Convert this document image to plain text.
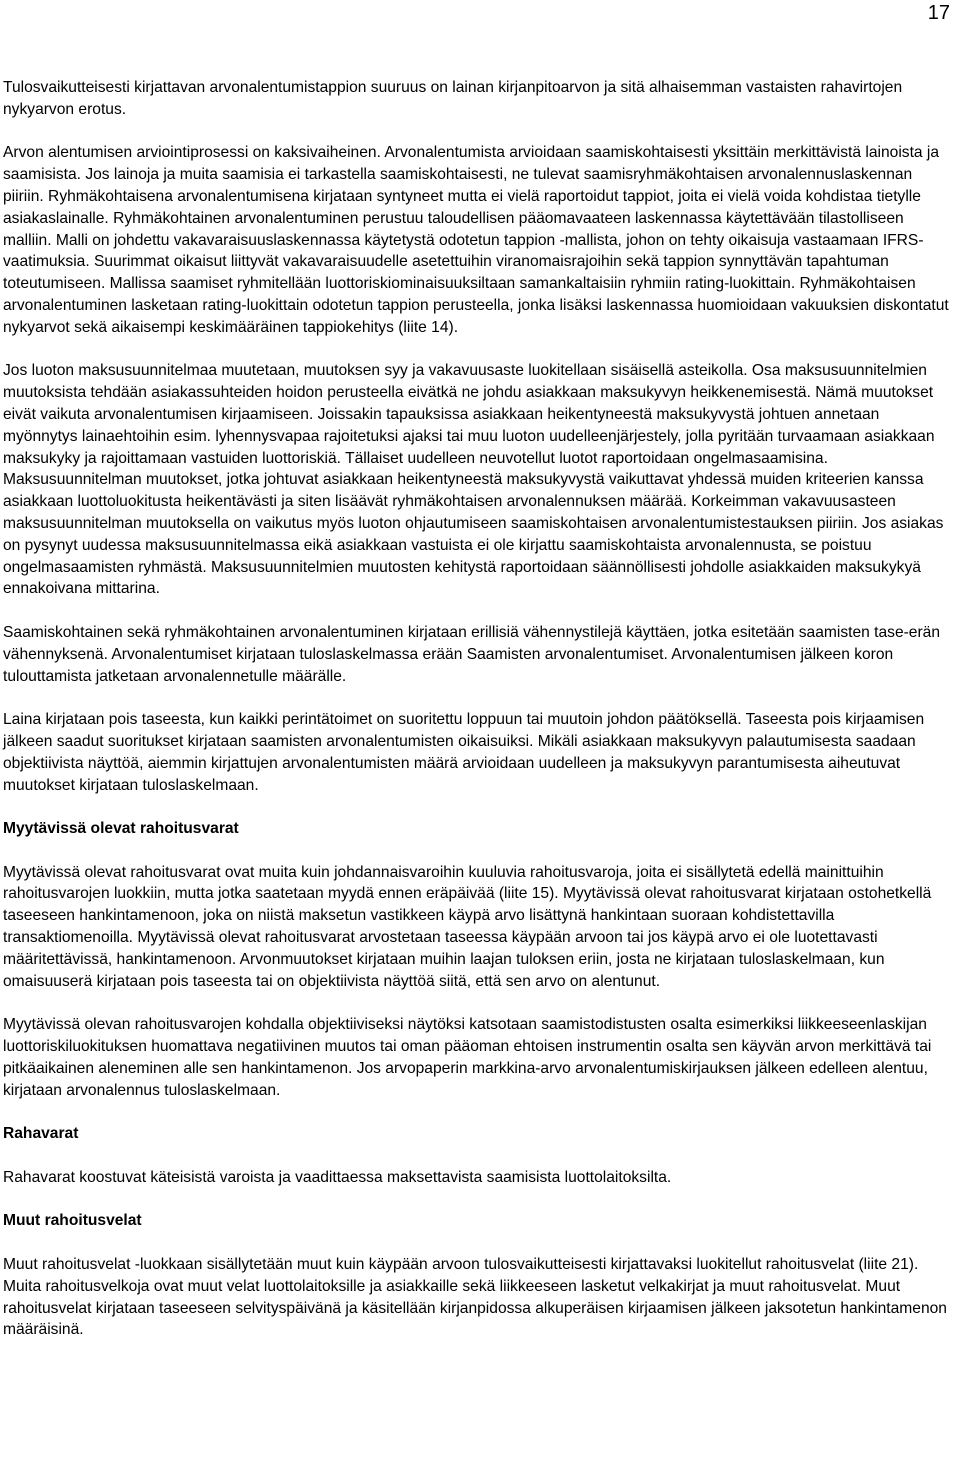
17

Tulosvaikutteisesti kirjattavan arvonalentumistappion suuruus on lainan kirjanpitoarvon ja sitä alhaisemman vastaisten rahavirtojen nykyarvon erotus.

Arvon alentumisen arviointiprosessi on kaksivaiheinen. Arvonalentumista arvioidaan saamiskohtaisesti yksittäin merkittävistä lainoista ja saamisista. Jos lainoja ja muita saamisia ei tarkastella saamiskohtaisesti, ne tulevat saamisryhmäkohtaisen arvonalennuslaskennan piiriin. Ryhmäkohtaisena arvonalentumisena kirjataan syntyneet mutta ei vielä raportoidut tappiot, joita ei vielä voida kohdistaa tietylle asiakaslainalle. Ryhmäkohtainen arvonalentuminen perustuu taloudellisen pääomavaateen laskennassa käytettävään tilastolliseen malliin. Malli on johdettu vakavaraisuuslaskennassa käytetystä odotetun tappion -mallista, johon on tehty oikaisuja vastaamaan IFRS-vaatimuksia. Suurimmat oikaisut liittyvät vakavaraisuudelle asetettuihin viranomaisrajoihin sekä tappion synnyttävän tapahtuman toteutumiseen. Mallissa saamiset ryhmitellään luottoriskiominaisuuksiltaan samankaltaisiin ryhmiin rating-luokittain. Ryhmäkohtaisen arvonalentuminen lasketaan rating-luokittain odotetun tappion perusteella, jonka lisäksi laskennassa huomioidaan vakuuksien diskontatut nykyarvot sekä aikaisempi keskimääräinen tappiokehitys (liite 14).

Jos luoton maksusuunnitelmaa muutetaan, muutoksen syy ja vakavuusaste luokitellaan sisäisellä asteikolla. Osa maksusuunnitelmien muutoksista tehdään asiakassuhteiden hoidon perusteella eivätkä ne johdu asiakkaan maksukyvyn heikkenemisestä. Nämä muutokset eivät vaikuta arvonalentumisen kirjaamiseen. Joissakin tapauksissa asiakkaan heikentyneestä maksukyvystä johtuen annetaan myönnytys lainaehtoihin esim. lyhennysvapaa rajoitetuksi ajaksi tai muu luoton uudelleenjärjestely, jolla pyritään turvaamaan asiakkaan maksukyky ja rajoittamaan vastuiden luottoriskiä. Tällaiset uudelleen neuvotellut luotot raportoidaan ongelmasaamisina. Maksusuunnitelman muutokset, jotka johtuvat asiakkaan heikentyneestä maksukyvystä vaikuttavat yhdessä muiden kriteerien kanssa asiakkaan luottoluokitusta heikentävästi ja siten lisäävät ryhmäkohtaisen arvonalennuksen määrää. Korkeimman vakavuusasteen maksusuunnitelman muutoksella on vaikutus myös luoton ohjautumiseen saamiskohtaisen arvonalentumistestauksen piiriin. Jos asiakas on pysynyt uudessa maksusuunnitelmassa eikä asiakkaan vastuista ei ole kirjattu saamiskohtaista arvonalennusta, se poistuu ongelmasaamisten ryhmästä. Maksusuunnitelmien muutosten kehitystä raportoidaan säännöllisesti johdolle asiakkaiden maksukykyä ennakoivana mittarina.

Saamiskohtainen sekä ryhmäkohtainen arvonalentuminen kirjataan erillisiä vähennystilejä käyttäen, jotka esitetään saamisten tase-erän vähennyksenä. Arvonalentumiset kirjataan tuloslaskelmassa erään Saamisten arvonalentumiset. Arvonalentumisen jälkeen koron tulouttamista jatketaan arvonalennetulle määrälle.

Laina kirjataan pois taseesta, kun kaikki perintätoimet on suoritettu loppuun tai muutoin johdon päätöksellä. Taseesta pois kirjaamisen jälkeen saadut suoritukset kirjataan saamisten arvonalentumisten oikaisuiksi. Mikäli asiakkaan maksukyvyn palautumisesta saadaan objektiivista näyttöä, aiemmin kirjattujen arvonalentumisten määrä arvioidaan uudelleen ja maksukyvyn parantumisesta aiheutuvat muutokset kirjataan tuloslaskelmaan.

Myytävissä olevat rahoitusvarat

Myytävissä olevat rahoitusvarat ovat muita kuin johdannaisvaroihin kuuluvia rahoitusvaroja, joita ei sisällytetä edellä mainittuihin rahoitusvarojen luokkiin, mutta jotka saatetaan myydä ennen eräpäivää (liite 15). Myytävissä olevat rahoitusvarat kirjataan ostohetkellä taseeseen hankintamenoon, joka on niistä maksetun vastikkeen käypä arvo lisättynä hankintaan suoraan kohdistettavilla transaktiomenoilla. Myytävissä olevat rahoitusvarat arvostetaan taseessa käypään arvoon tai jos käypä arvo ei ole luotettavasti määritettävissä, hankintamenoon. Arvonmuutokset kirjataan muihin laajan tuloksen eriin, josta ne kirjataan tuloslaskelmaan, kun omaisuuserä kirjataan pois taseesta tai on objektiivista näyttöä siitä, että sen arvo on alentunut.

Myytävissä olevan rahoitusvarojen kohdalla objektiiviseksi näytöksi katsotaan saamistodistusten osalta esimerkiksi liikkeeseenlaskijan luottoriskiluokituksen huomattava negatiivinen muutos tai oman pääoman ehtoisen instrumentin osalta sen käyvän arvon merkittävä tai pitkäaikainen aleneminen alle sen hankintamenon. Jos arvopaperin markkina-arvo arvonalentumiskirjauksen jälkeen edelleen alentuu, kirjataan arvonalennus tuloslaskelmaan.

Rahavarat

Rahavarat koostuvat käteisistä varoista ja vaadittaessa maksettavista saamisista luottolaitoksilta.

Muut rahoitusvelat

Muut rahoitusvelat -luokkaan sisällytetään muut kuin käypään arvoon tulosvaikutteisesti kirjattavaksi luokitellut rahoitusvelat (liite 21). Muita rahoitusvelkoja ovat muut velat luottolaitoksille ja asiakkaille sekä liikkeeseen lasketut velkakirjat ja muut rahoitusvelat. Muut rahoitusvelat kirjataan taseeseen selvityspäivänä ja käsitellään kirjanpidossa alkuperäisen kirjaamisen jälkeen jaksotetun hankintamenon määräisinä.
